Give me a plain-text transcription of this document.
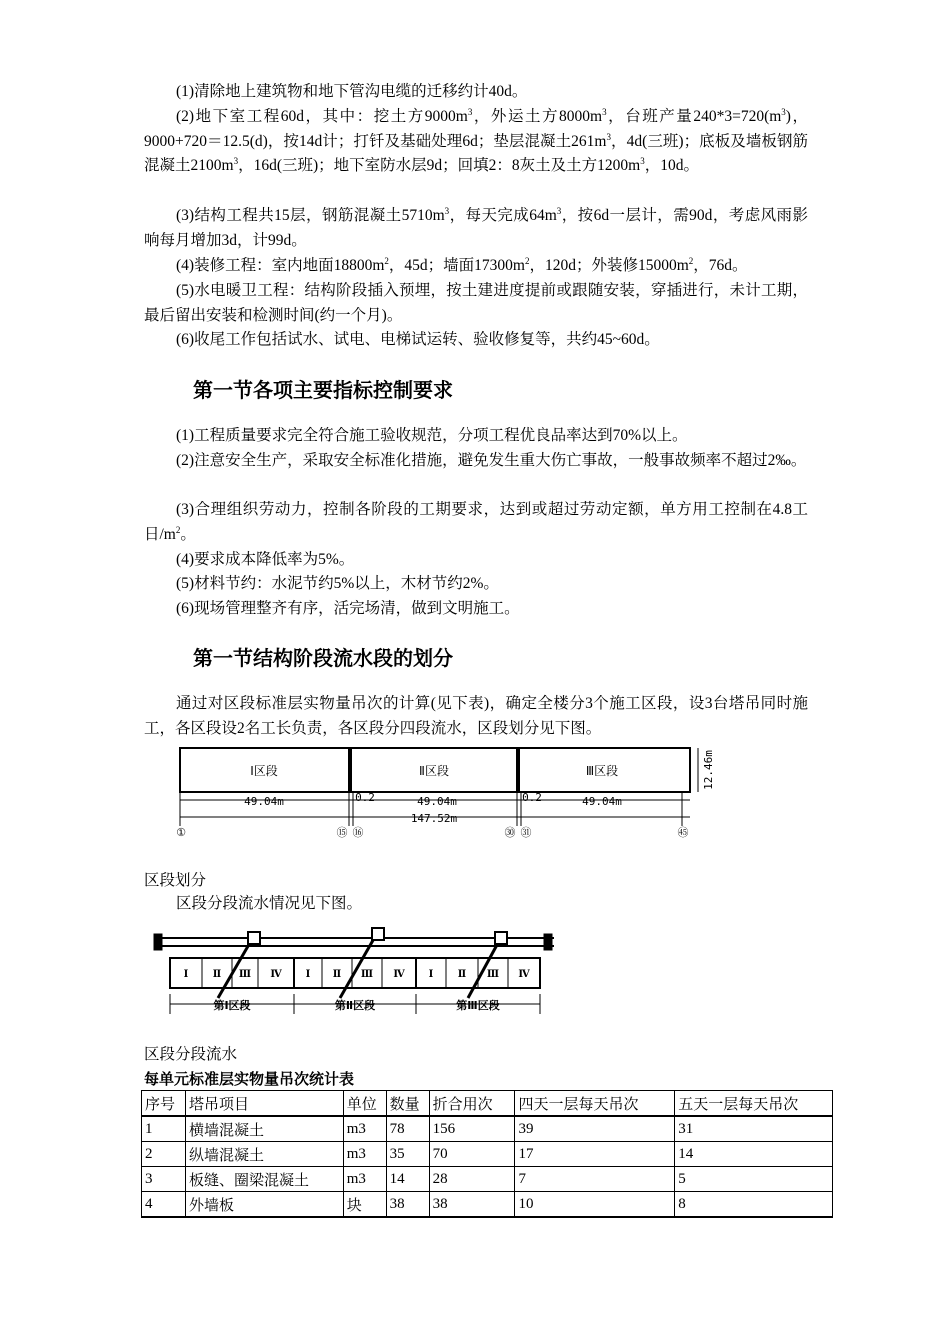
(1)清除地上建筑物和地下管沟电缆的迁移约计40d。

(2)地下室工程60d，其中：挖土方$9000m^3$，外运土方$8000m^3$，台班产量$240*3=720(m^3)$，9000+720＝12.5(d)，按14d计；打钎及基础处理6d；垫层混凝土$261m^3$，4d(三班)；底板及墙板钢筋混凝土$2100m^3$，16d(三班)；地下室防水层9d；回填2：8灰土及土方$1200m^3$，10d。

(3)结构工程共15层，钢筋混凝土$5710m^3$，每天完成$64m^3$，按6d一层计，需90d，考虑风雨影响每月增加3d，计99d。

(4)装修工程：室内地面$18800m^2$，45d；墙面$17300m^2$，120d；外装修$15000m^2$，76d。

(5)水电暖卫工程：结构阶段插入预埋，按土建进度提前或跟随安装，穿插进行，未计工期，最后留出安装和检测时间(约一个月)。

(6)收尾工作包括试水、试电、电梯试运转、验收修复等，共约45~60d。

第一节各项主要指标控制要求

(1)工程质量要求完全符合施工验收规范，分项工程优良品率达到70%以上。

(2)注意安全生产，采取安全标准化措施，避免发生重大伤亡事故，一般事故频率不超过2‰。

(3)合理组织劳动力，控制各阶段的工期要求，达到或超过劳动定额，单方用工控制在4.8工日$/m^2$。

(4)要求成本降低率为5%。

(5)材料节约：水泥节约5%以上，木材节约2%。

(6)现场管理整齐有序，活完场清，做到文明施工。

第一节结构阶段流水段的划分

通过对区段标准层实物量吊次的计算(见下表)，确定全楼分3个施工区段，设3台塔吊同时施工，各区段设2名工长负责，各区段分四段流水，区段划分见下图。

Ⅰ区段	Ⅱ区段	Ⅲ区段	12.46m
49.04m	0.2	49.04m	0.2	49.04m
147.52m
①	⑮ ⑯	㉚ ㉛	㊺

区段划分

区段分段流水情况见下图。

Ⅰ Ⅱ Ⅲ Ⅳ Ⅰ Ⅱ Ⅲ Ⅳ Ⅰ Ⅱ Ⅲ Ⅳ
第Ⅰ区段	第Ⅱ区段	第Ⅲ区段

区段分段流水

每单元标准层实物量吊次统计表

序号	塔吊项目	单位	数量	折合用次	四天一层每天吊次	五天一层每天吊次
1	横墙混凝土	m3	78	156	39	31
2	纵墙混凝土	m3	35	70	17	14
3	板缝、圈梁混凝土	m3	14	28	7	5
4	外墙板	块	38	38	10	8
